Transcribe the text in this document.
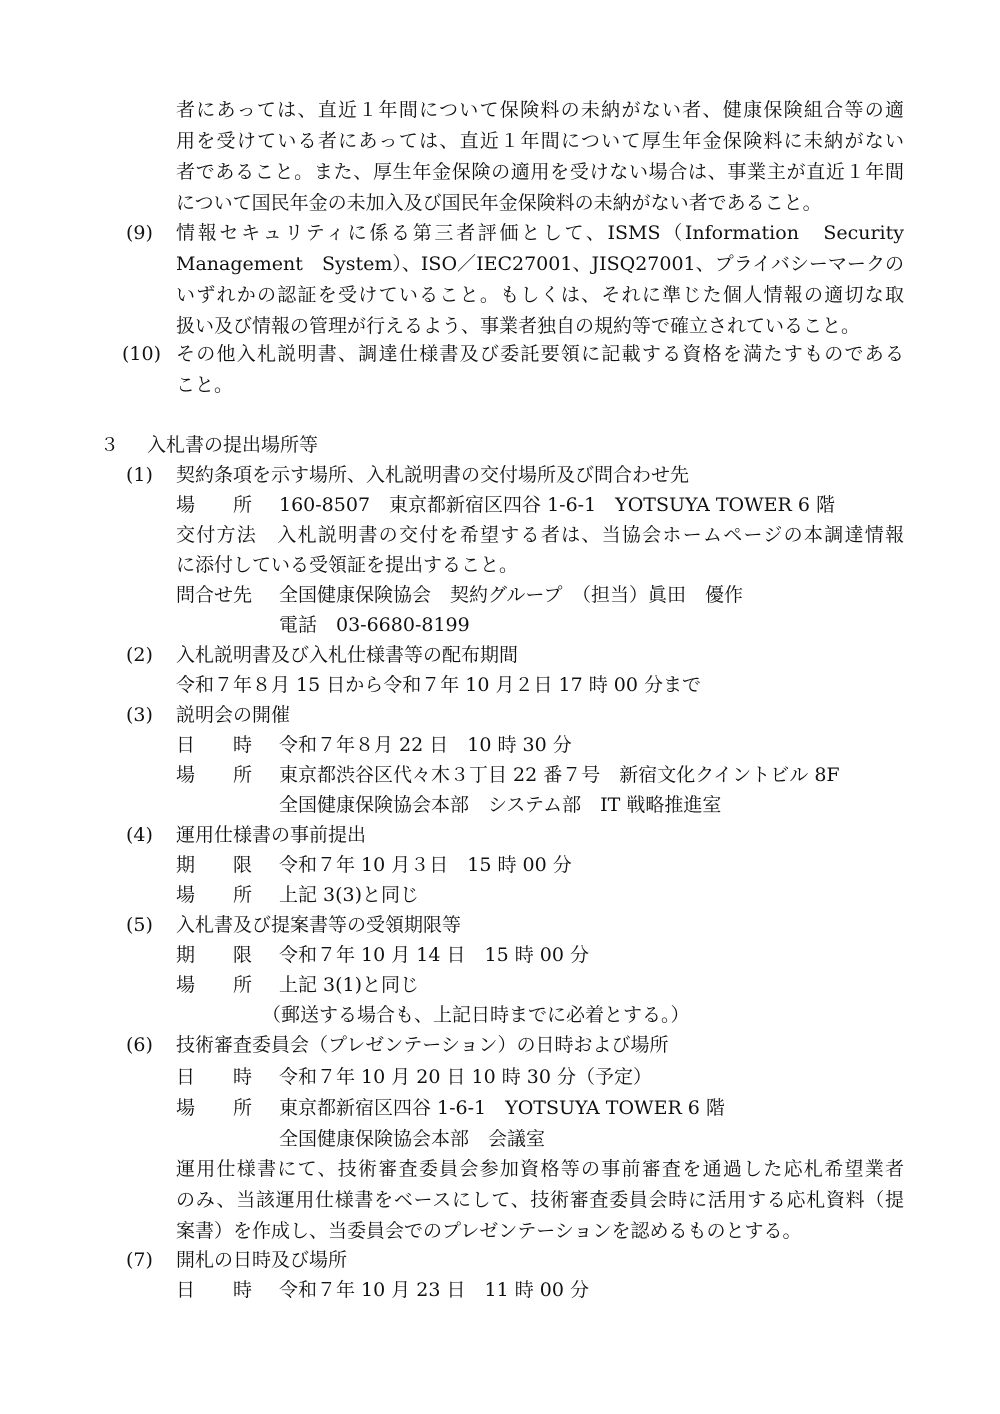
者にあっては、直近１年間について保険料の未納がない者、健康保険組合等の適
用を受けている者にあっては、直近１年間について厚生年金保険料に未納がない
者であること。また、厚生年金保険の適用を受けない場合は、事業主が直近１年間
について国民年金の未加入及び国民年金保険料の未納がない者であること。
(9) 情報セキュリティに係る第三者評価として、ISMS（Information　Security
Management　System）、ISO／IEC27001、JISQ27001、プライバシーマークの
いずれかの認証を受けていること。もしくは、それに準じた個人情報の適切な取
扱い及び情報の管理が行えるよう、事業者独自の規約等で確立されていること。
(10) その他入札説明書、調達仕様書及び委託要領に記載する資格を満たすものである
こと。
３ 入札書の提出場所等
(1) 契約条項を示す場所、入札説明書の交付場所及び問合わせ先
場　　所 160-8507　東京都新宿区四谷 1-6-1　YOTSUYA TOWER 6 階
交付方法　入札説明書の交付を希望する者は、当協会ホームページの本調達情報
に添付している受領証を提出すること。
問合せ先 全国健康保険協会　契約グループ　（担当）眞田　優作
電話　03-6680-8199
(2) 入札説明書及び入札仕様書等の配布期間
令和７年８月 15 日から令和７年 10 月２日 17 時 00 分まで
(3) 説明会の開催
日　　時 令和７年８月 22 日　10 時 30 分
場　　所 東京都渋谷区代々木３丁目 22 番７号　新宿文化クイントビル 8F
全国健康保険協会本部　システム部　IT 戦略推進室
(4) 運用仕様書の事前提出
期　　限 令和７年 10 月３日　15 時 00 分
場　　所 上記 3(3)と同じ
(5) 入札書及び提案書等の受領期限等
期　　限 令和７年 10 月 14 日　15 時 00 分
場　　所 上記 3(1)と同じ
（郵送する場合も、上記日時までに必着とする。）
(6) 技術審査委員会（プレゼンテーション）の日時および場所
日　　時 令和７年 10 月 20 日 10 時 30 分（予定）
場　　所 東京都新宿区四谷 1-6-1　YOTSUYA TOWER 6 階
全国健康保険協会本部　会議室
運用仕様書にて、技術審査委員会参加資格等の事前審査を通過した応札希望業者
のみ、当該運用仕様書をベースにして、技術審査委員会時に活用する応札資料（提
案書）を作成し、当委員会でのプレゼンテーションを認めるものとする。
(7) 開札の日時及び場所
日　　時 令和７年 10 月 23 日　11 時 00 分
